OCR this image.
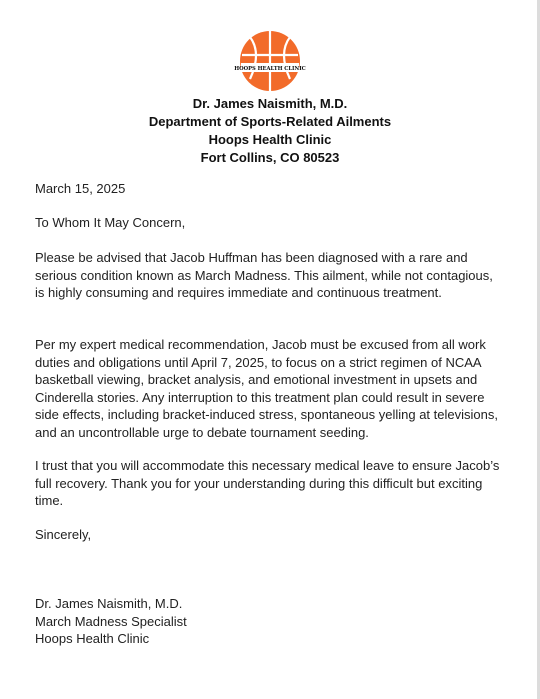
HOOPS HEALTH CLINIC
Dr. James Naismith, M.D.
Department of Sports-Related Ailments
Hoops Health Clinic
Fort Collins, CO 80523
March 15, 2025
To Whom It May Concern,
Please be advised that Jacob Huffman has been diagnosed with a rare and serious condition known as March Madness. This ailment, while not contagious, is highly consuming and requires immediate and continuous treatment.
Per my expert medical recommendation, Jacob must be excused from all work duties and obligations until April 7, 2025, to focus on a strict regimen of NCAA basketball viewing, bracket analysis, and emotional investment in upsets and Cinderella stories. Any interruption to this treatment plan could result in severe side effects, including bracket-induced stress, spontaneous yelling at televisions, and an uncontrollable urge to debate tournament seeding.
I trust that you will accommodate this necessary medical leave to ensure Jacob’s full recovery. Thank you for your understanding during this difficult but exciting time.
Sincerely,
Dr. James Naismith, M.D.
March Madness Specialist
Hoops Health Clinic
